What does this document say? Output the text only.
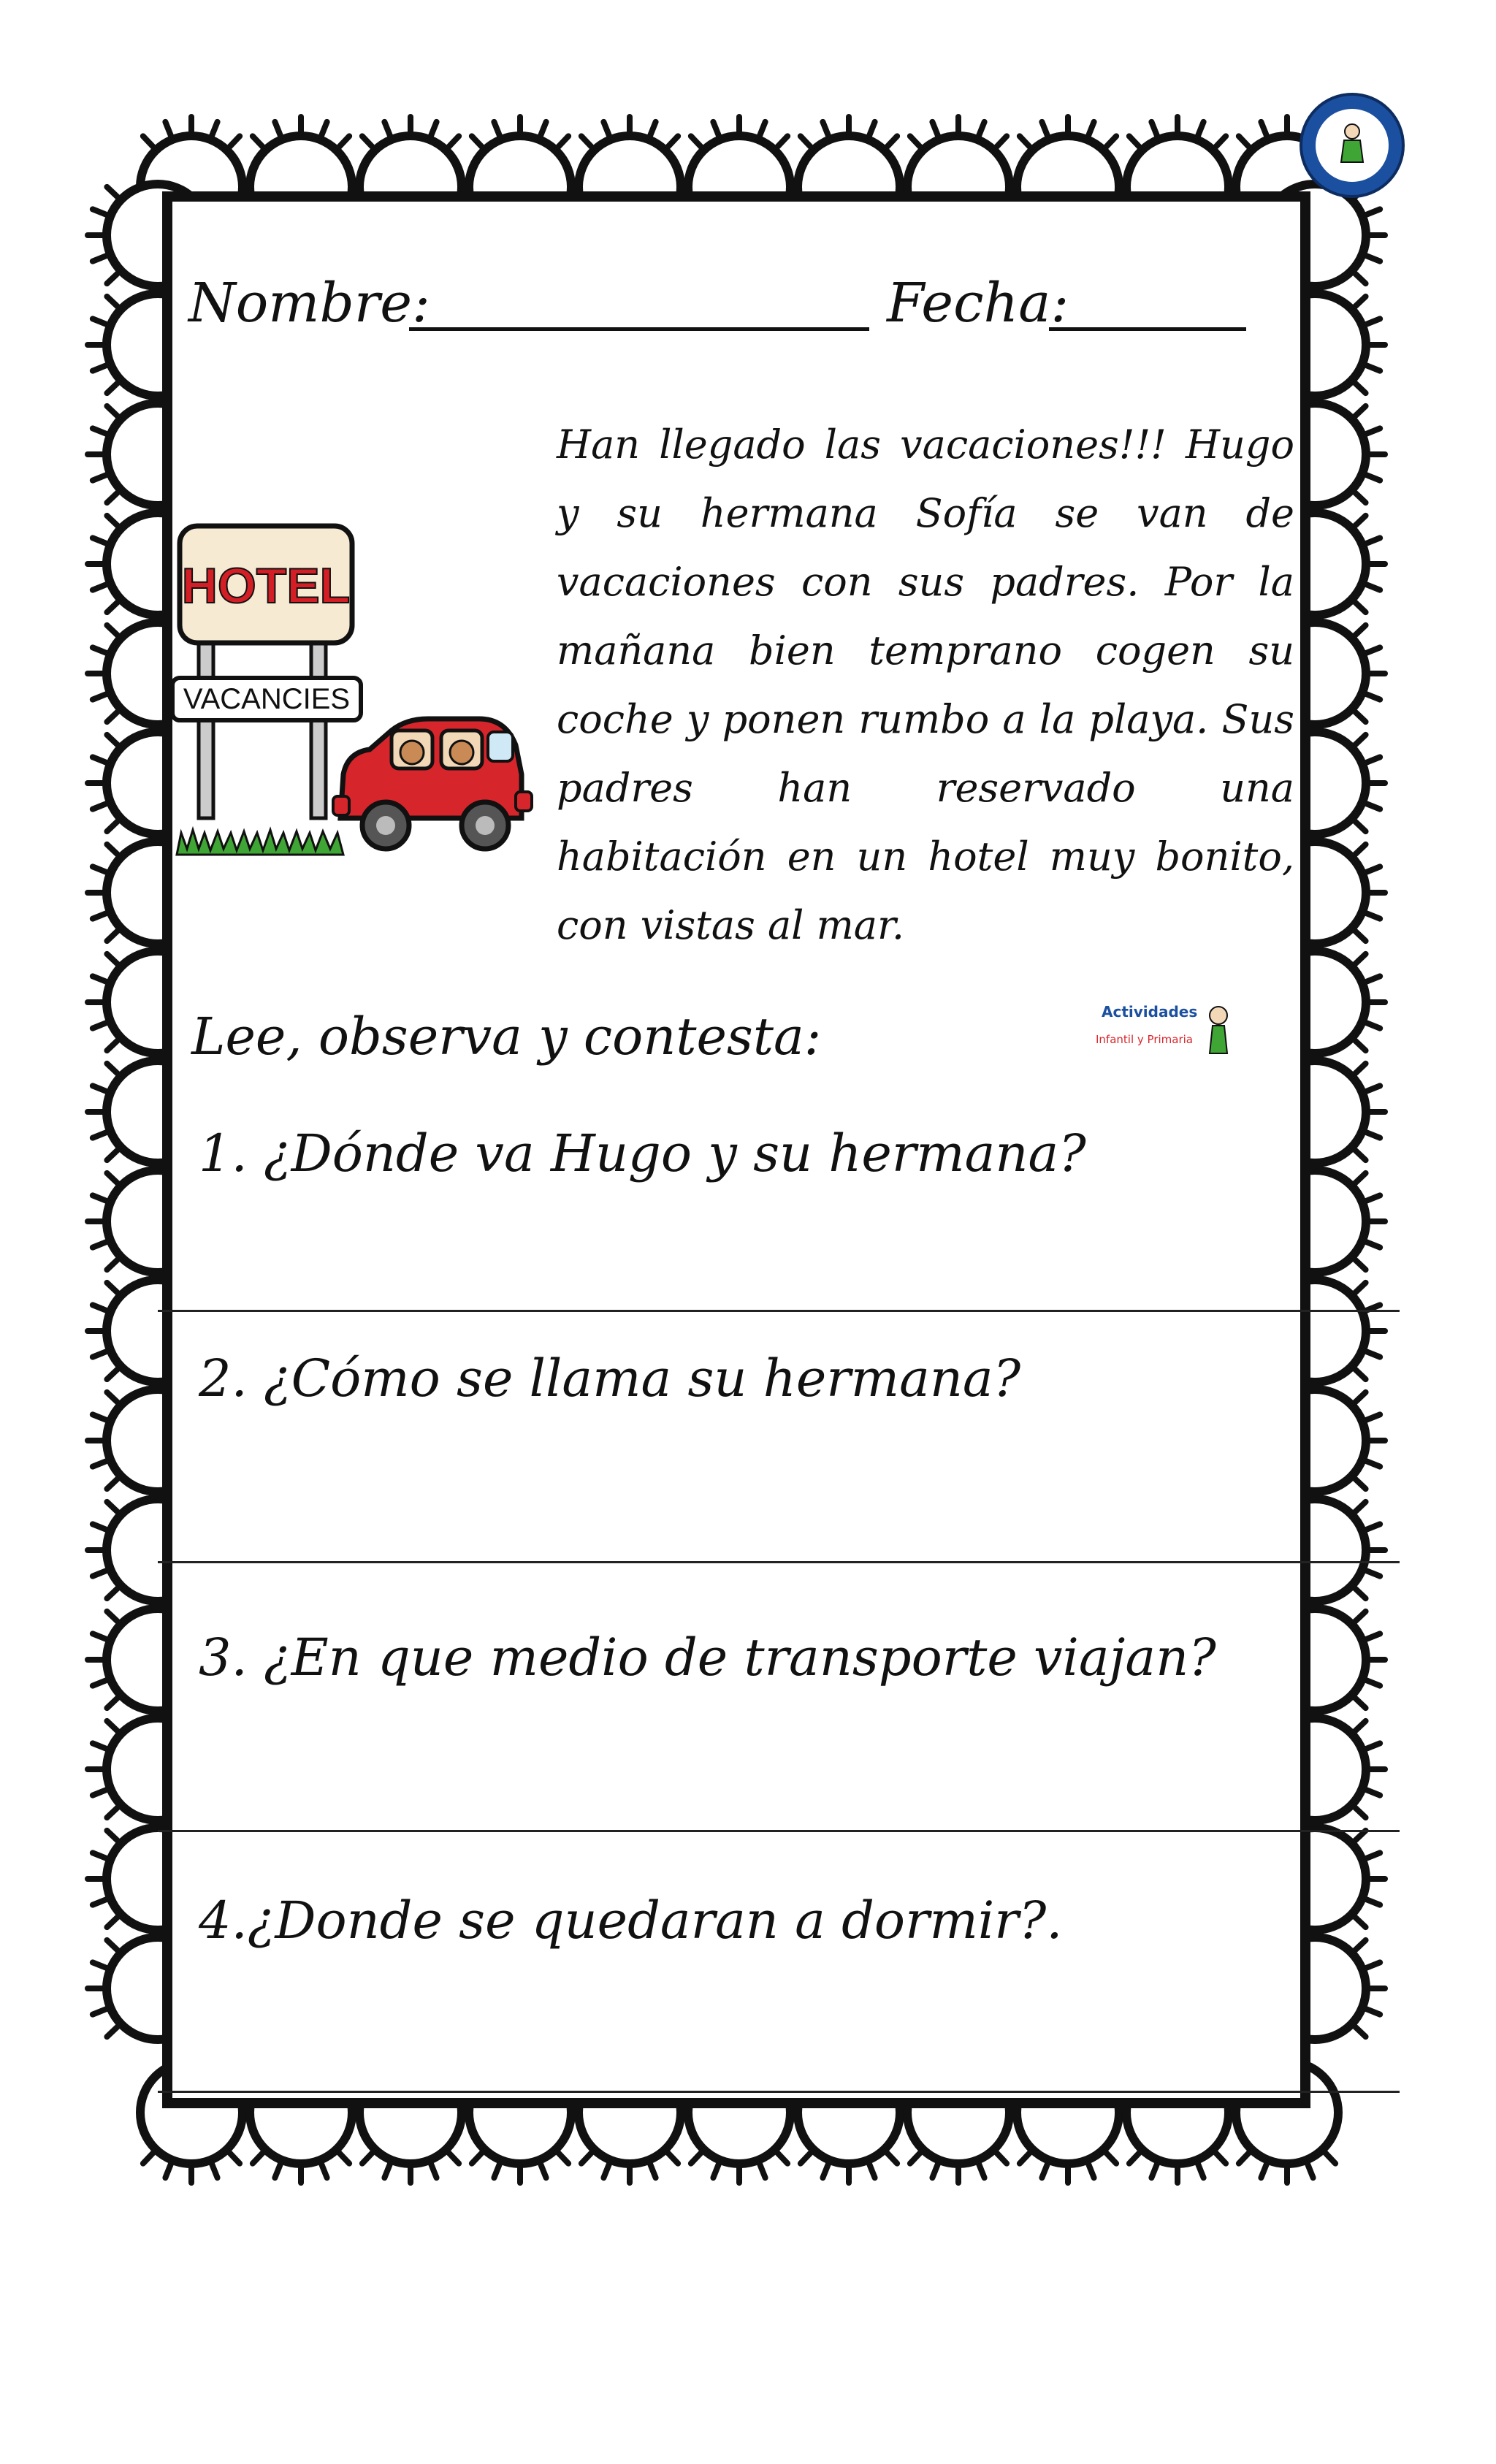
Nombre:	Fecha:
HOTEL
VACANCIES

Han llegado las vacaciones!!! Hugo y su hermana Sofía se van de vacaciones con sus padres. Por la mañana bien temprano cogen su coche y ponen rumbo a la playa. Sus padres han reservado una habitación en un hotel muy bonito, con vistas al mar.

Actividades
Infantil y Primaria
Lee, observa y contesta:
1. ¿Dónde va Hugo y su hermana?
2. ¿Cómo se llama su hermana?
3. ¿En que medio de transporte viajan?
4.¿Donde se quedaran a dormir?.
